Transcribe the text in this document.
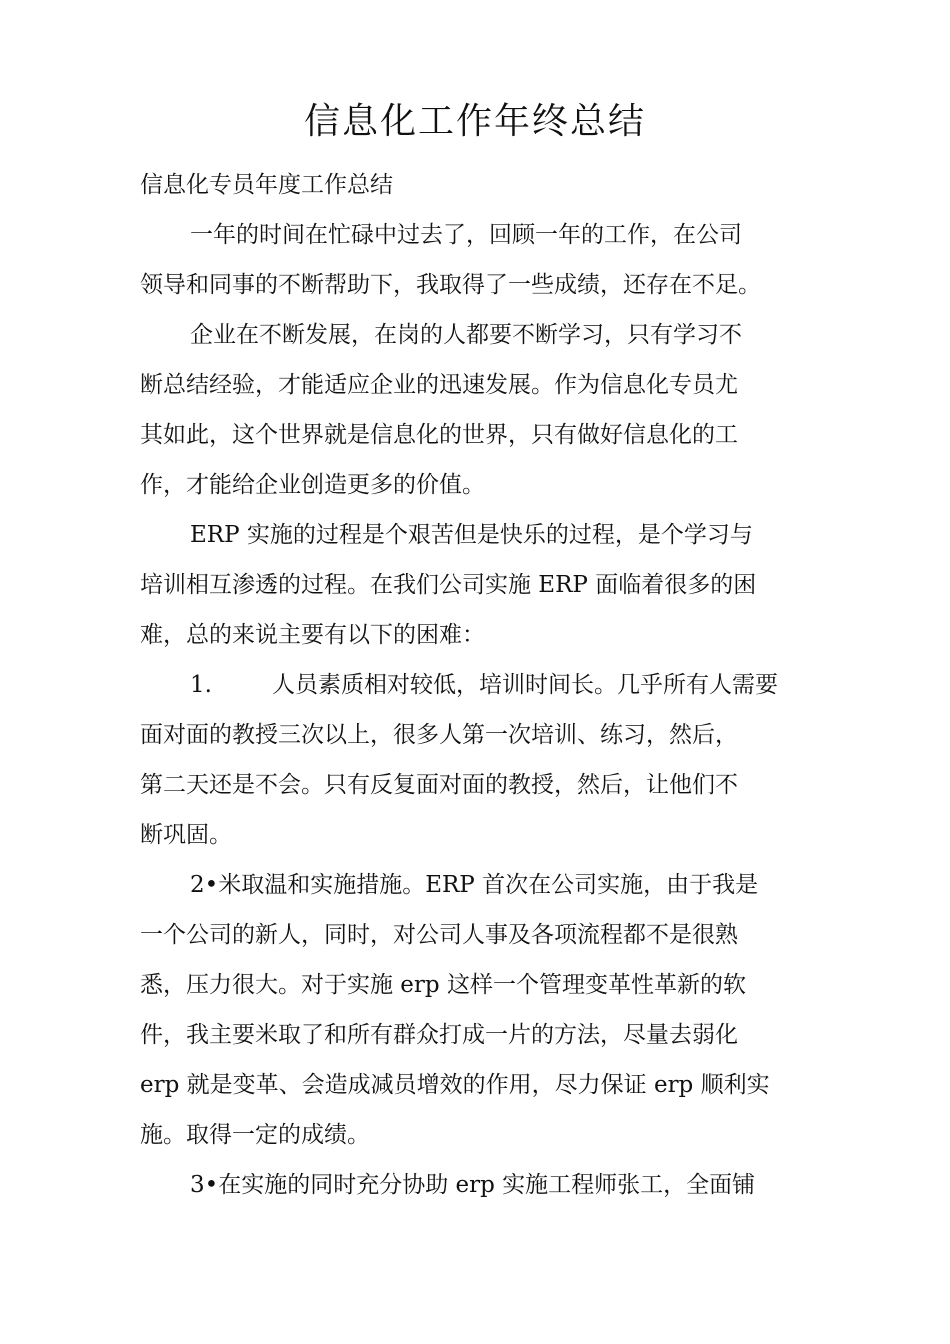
信息化工作年终总结
信息化专员年度工作总结
一年的时间在忙碌中过去了，回顾一年的工作，在公司
领导和同事的不断帮助下，我取得了一些成绩，还存在不足。
企业在不断发展，在岗的人都要不断学习，只有学习不
断总结经验，才能适应企业的迅速发展。作为信息化专员尤
其如此，这个世界就是信息化的世界，只有做好信息化的工
作，才能给企业创造更多的价值。
ERP 实施的过程是个艰苦但是快乐的过程，是个学习与
培训相互渗透的过程。在我们公司实施 ERP 面临着很多的困
难，总的来说主要有以下的困难：
1.	人员素质相对较低，培训时间长。几乎所有人需要
面对面的教授三次以上，很多人第一次培训、练习，然后，
第二天还是不会。只有反复面对面的教授，然后，让他们不
断巩固。
2•米取温和实施措施。ERP 首次在公司实施，由于我是
一个公司的新人，同时，对公司人事及各项流程都不是很熟
悉，压力很大。对于实施 erp 这样一个管理变革性革新的软
件，我主要米取了和所有群众打成一片的方法，尽量去弱化
erp 就是变革、会造成减员增效的作用，尽力保证 erp 顺利实
施。取得一定的成绩。
3•在实施的同时充分协助 erp 实施工程师张工，全面铺
